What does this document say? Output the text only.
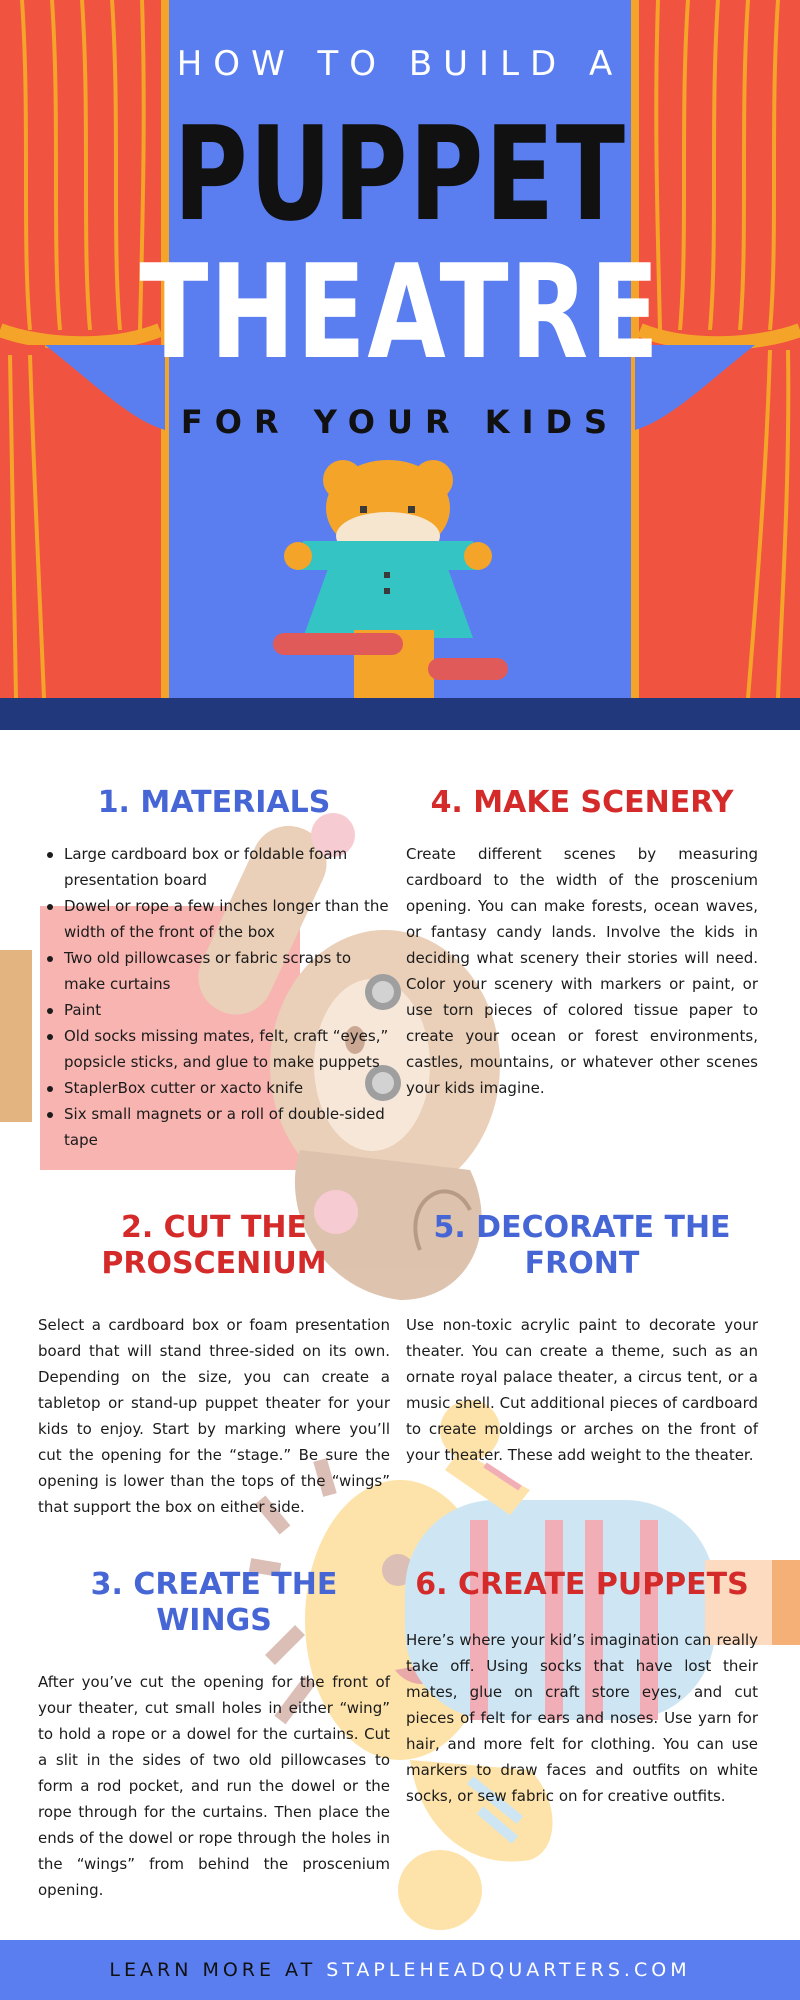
HOW TO BUILD A
PUPPET
THEATRE
FOR YOUR KIDS
1. MATERIALS
Large cardboard box or foldable foam presentation board
Dowel or rope a few inches longer than the width of the front of the box
Two old pillowcases or fabric scraps to make curtains
Paint
Old socks missing mates, felt, craft “eyes,” popsicle sticks, and glue to make puppets
StaplerBox cutter or xacto knife
Six small magnets or a roll of double-sided tape
4. MAKE SCENERY

Create different scenes by measuring cardboard to the width of the proscenium opening. You can make forests, ocean waves, or fantasy candy lands. Involve the kids in deciding what scenery their stories will need. Color your scenery with markers or paint, or use torn pieces of colored tissue paper to create your ocean or forest environments, castles, mountains, or whatever other scenes your kids imagine.

2. CUT THE
PROSCENIUM

Select a cardboard box or foam presentation board that will stand three-sided on its own. Depending on the size, you can create a tabletop or stand-up puppet theater for your kids to enjoy. Start by marking where you’ll cut the opening for the “stage.” Be sure the opening is lower than the tops of the “wings” that support the box on either side.

5. DECORATE THE
FRONT

Use non-toxic acrylic paint to decorate your theater. You can create a theme, such as an ornate royal palace theater, a circus tent, or a music shell. Cut additional pieces of cardboard to create moldings or arches on the front of your theater. These add weight to the theater.

3. CREATE THE
WINGS

After you’ve cut the opening for the front of your theater, cut small holes in either “wing” to hold a rope or a dowel for the curtains. Cut a slit in the sides of two old pillowcases to form a rod pocket, and run the dowel or the rope through for the curtains. Then place the ends of the dowel or rope through the holes in the “wings” from behind the proscenium opening.

6. CREATE PUPPETS

Here’s where your kid’s imagination can really take off. Using socks that have lost their mates, glue on craft store eyes, and cut pieces of felt for ears and noses. Use yarn for hair, and more felt for clothing. You can use markers to draw faces and outfits on white socks, or sew fabric on for creative outfits.

LEARN MORE AT STAPLEHEADQUARTERS.COM
